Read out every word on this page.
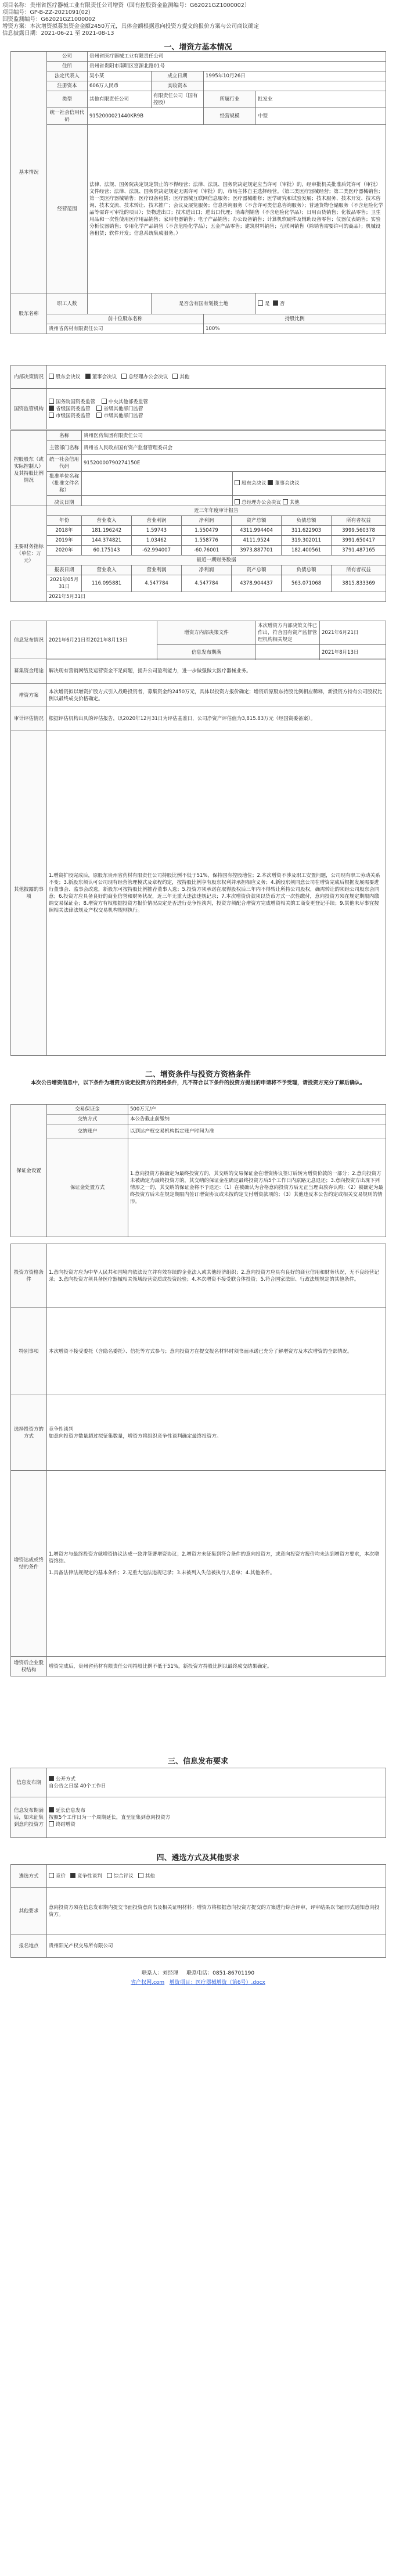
项目名称：贵州省医疗器械工业有限责任公司增资（国有控股资金监测编号：G62021GZ1000002）
项目编号：GP-B-ZZ-2021091(02)
国资监测编号：G62021GZ1000002
增资方案：本次增资拟募集资金金额2450万元，具体金额根据意向投资方提交的报价方案与公司商议确定
信息披露日期：2021-06-21 至 2021-08-13
一、增资方基本情况
基本情况	公司	贵州省医疗器械工业有限责任公司			
	住所	贵州省贵阳市南明区富源北路01号			
	法定代表人	吴小某	成立日期	1995年10月26日	
	注册资本	606万人民币	实收资本		
	类型	其他有限责任公司	有限责任公司（国有控股）	所属行业	批发业
	统一社会信用代码	9152000021440KR9B		经营规模	中型
	经营范围	法律、法规、国务院决定规定禁止的不得经营；法律、法规、国务院决定规定应当许可（审批）的，经审批机关批准后凭许可（审批）文件经营；法律、法规、国务院决定规定无需许可（审批）的，市场主体自主选择经营。（第三类医疗器械经营；第二类医疗器械销售；第一类医疗器械销售；医疗设备租赁；医疗器械互联网信息服务；医疗器械维修；医学研究和试验发展；技术服务、技术开发、技术咨询、技术交流、技术转让、技术推广；会议及展览服务；信息咨询服务（不含许可类信息咨询服务）；普通货物仓储服务（不含危险化学品等需许可审批的项目）；货物进出口；技术进出口；进出口代理；消毒剂销售（不含危险化学品）；日用百货销售；化妆品零售；卫生用品和一次性使用医疗用品销售；家用电器销售；电子产品销售；办公设备销售；计算机软硬件及辅助设备零售；仪器仪表销售；实验分析仪器销售；专用化学产品销售（不含危险化学品）；五金产品零售；建筑材料销售；互联网销售（除销售需要许可的商品）；机械设备租赁；软件开发；信息系统集成服务。）			
股东名称	职工人数		是否含有国有划拨土地		是 否
	前十位股东名称			持股比例	
	贵州省药材有限责任公司			100%	
内部决策情况	股东会决议 董事会决议 总经理办公会决议 其他
国资监管机构	国务院国资委监管 中央其他部委监管
省级国资委监管 省级其他部门监管
市级国资委监管 市级其他部门监管
控股股东（或实际控制人）及其持股比例情况	名称	贵州医药集团有限责任公司	
	主管部门名称	贵州省人民政府国有资产监督管理委员会	
	统一社会信用代码	91520000790274150E	
	批准单位名称（批准文件名称）		股东会决议 董事会决议
	决议日期		总经理办公会决议 其他
主要财务指标（单位：万元）	近三年年度审计报告						
	年份	营业收入	营业利润	净利润	资产总额	负债总额	所有者权益
	2018年	181.196242	1.59743	1.550479	4311.994404	311.622903	3999.560378
	2019年	144.374821	1.03462	1.558776	4111.9524	319.302011	3991.650417
	2020年	60.175143	-62.994007	-60.76001	3973.887701	182.400561	3791.487165
	最近一期财务数据						
	报表日期	营业收入	营业利润	净利润	资产总额	负债总额	所有者权益
	2021年05月31日	116.095881	4.547784	4.547784	4378.904437	563.071068	3815.833369
	2021年5月31日						
信息发布情况	2021年6月21日至2021年8月13日	增资方内部决策文件	本次增资方内部决策文件已作出，符合国有资产监督管理机构相关规定	2021年6月21日
		信息发布期满		2021年8月13日
募集资金用途	解决现有营销网络及运营资金不足问题，提升公司盈利能力，进一步做强做大医疗器械业务。
增资方案	本次增资拟以增资扩股方式引入战略投资者，募集资金约2450万元，具体以投资方报价确定；增资后原股东持股比例相应稀释，新投资方持有公司股权比例以最终成交价格确定。
审计评估情况	根据评估机构出具的评估报告，以2020年12月31日为评估基准日，公司净资产评估值为3,815.83万元（经国资委备案）。
其他披露的事项	1.增资扩股完成后，原股东贵州省药材有限责任公司持股比例不低于51%，保持国有控股地位；2.本次增资不涉及职工安置问题，公司现有职工劳动关系不变；3.新股东须认可公司现有经营管理模式及章程约定，按持股比例享有股东权利并承担相应义务；4.新股东须同意公司在增资完成后根据发展需要进行董事会、监事会改选，新股东可按持股比例推荐董事人选；5.投资方须承诺在取得股权后三年内不得转让所持公司股权，确需转让的须经公司股东会同意；6.投资方应具备良好的商业信誉和财务状况，近三年无重大违法违规记录；7.本次增资价款须以货币方式一次性缴付，意向投资方须在规定期限内缴纳交易保证金；8.增资方有权根据投资方报价情况决定是否进行竞争性谈判，投资方须配合增资方完成增资相关的工商变更登记手续；9.其他未尽事宜按照相关法律法规及产权交易机构规则执行。
二、增资条件与投资方资格条件
本次公告增资信息中，以下条件为增资方设定投资方的资格条件，凡不符合以下条件的投资方提出的申请将不予受理，请投资方充分了解后确认。
保证金设置	交易保证金	500万元/户
	交纳方式	本公告截止前缴纳
	交纳账户	以到达产权交易机构指定账户时间为准
	保证金处置方式	1.意向投资方被确定为最终投资方的，其交纳的交易保证金在增资协议签订后转为增资价款的一部分；2.意向投资方未被确定为最终投资方的，其交纳的保证金在确定最终投资方后5个工作日内原路无息退还；3.意向投资方出现下列情形之一的，其交纳的保证金将不予退还：（1）在被确认为合格意向投资方后无正当理由放弃认购；（2）被确定为最终投资方后未在规定期限内签订增资协议或未按约定支付增资款项的；（3）其他违反本公告约定或相关交易规则的情形。
投资方资格条件	1.意向投资方应为中华人民共和国境内依法设立并有效存续的企业法人或其他经济组织；2.意向投资方应具有良好的商业信用和财务状况，无不良经营记录；3.意向投资方须具备医疗器械相关领域经营资质或投资经验；4.本次增资不接受联合体投资；5.符合国家法律、行政法规规定的其他条件。
特别事项	本次增资不接受委托（含隐名委托）、信托等方式参与；意向投资方在提交报名材料时须书面承诺已充分了解增资方及本次增资的全部情况。
选择投资方的方式	竞争性谈判
如意向投资方数量超过拟征集数量，增资方将组织竞争性谈判确定最终投资方。

增资达成或终结的条件	1.增资方与最终投资方就增资协议达成一致并签署增资协议；2.增资方未征集到符合条件的意向投资方，或意向投资方报价均未达到增资方要求，本次增资终结。
1.具备法律法规规定的基本条件；2.无重大违法违规记录；3.未被列入失信被执行人名单；4.其他条件。

增资后企业股权结构	增资完成后，贵州省药材有限责任公司持股比例不低于51%，新投资方持股比例以最终成交结果确定。
三、信息发布要求
信息发布期	公开方式
自公告之日起 40个工作日

信息发布期满后，如未征集到意向投资方	延长信息发布
按照5个工作日为一个周期延长，直至征集到意向投资方
终结增资
四、遴选方式及其他要求
遴选方式	竞价 竞争性谈判 综合评议 其他
其他要求	意向投资方须在信息发布期内提交书面投资意向书及相关证明材料；增资方将根据意向投资方提交的方案进行综合评审，评审结果以书面形式通知意向投资方。
报名地点	贵州阳光产权交易所有限公司
联系人：刘经理 联系电话：0851-86701190
省产权网.com 增资项目：医疗器械增资（第6号）.docx
